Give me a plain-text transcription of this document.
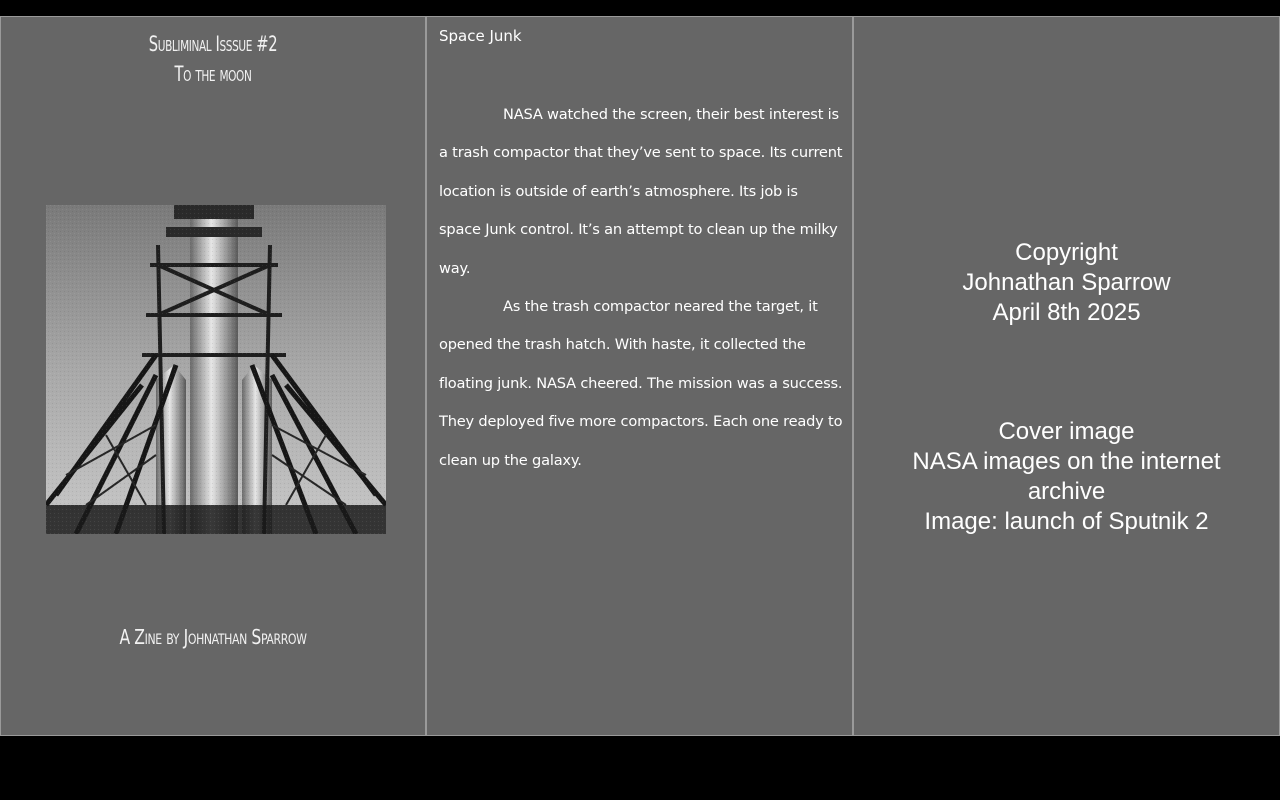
Subliminal Isssue #2
To the moon
A Zine by Johnathan Sparrow
Space Junk

NASA watched the screen, their best interest is a trash compactor that they’ve sent to space. Its current location is outside of earth’s atmosphere. Its job is space Junk control. It’s an attempt to clean up the milky way.

As the trash compactor neared the target, it opened the trash hatch. With haste, it collected the floating junk. NASA cheered. The mission was a success. They deployed five more compactors. Each one ready to clean up the galaxy.

Copyright
Johnathan Sparrow
April 8th 2025
Cover image
NASA images on the internet
archive
Image: launch of Sputnik 2
